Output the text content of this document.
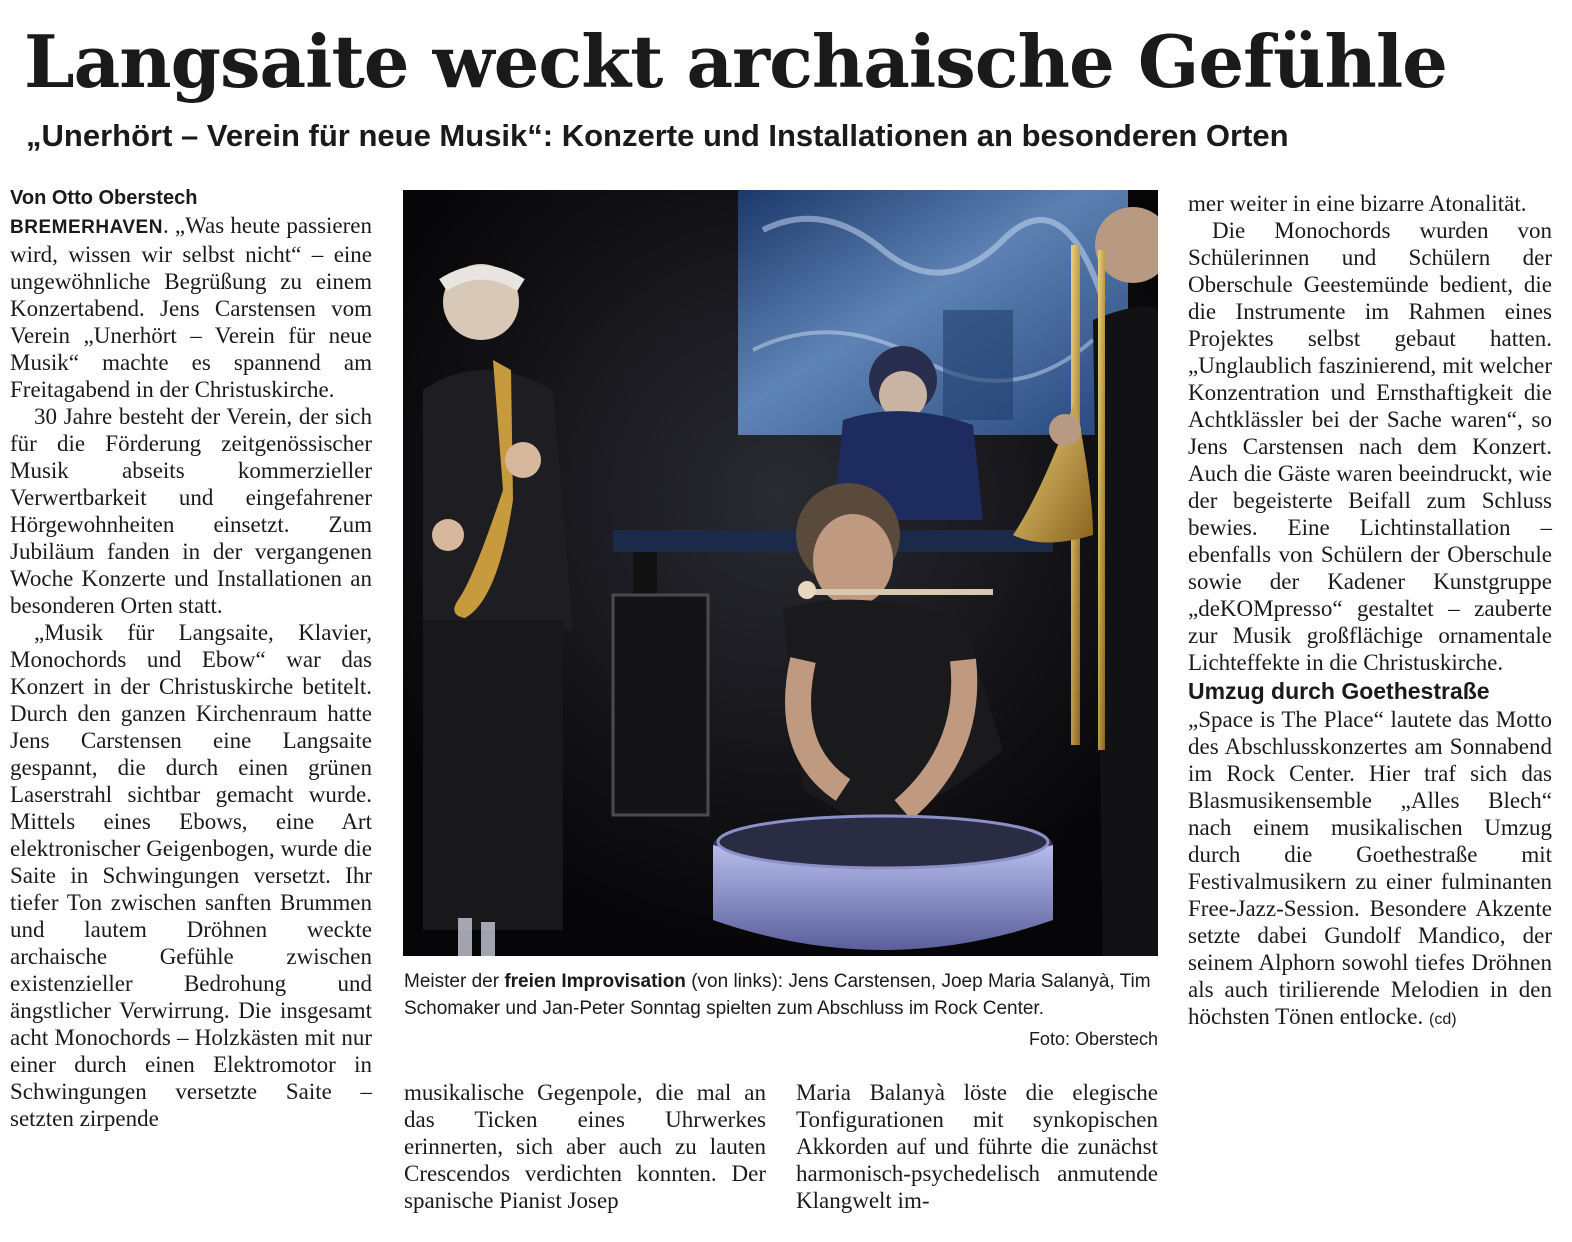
Langsaite weckt archaische Gefühle
„Unerhört – Verein für neue Musik“: Konzerte und Installationen an besonderen Orten

Von Otto Oberstech

BREMERHAVEN. „Was heute passieren wird, wissen wir selbst nicht“ – eine ungewöhnliche Begrüßung zu einem Konzertabend. Jens Carstensen vom Verein „Unerhört – Verein für neue Musik“ machte es spannend am Freitagabend in der Christuskirche.

30 Jahre besteht der Verein, der sich für die Förderung zeitgenössischer Musik abseits kommerzieller Verwertbarkeit und eingefahrener Hörgewohnheiten einsetzt. Zum Jubiläum fanden in der vergangenen Woche Konzerte und Installationen an besonderen Orten statt.

„Musik für Langsaite, Klavier, Monochords und Ebow“ war das Konzert in der Christuskirche betitelt. Durch den ganzen Kirchenraum hatte Jens Carstensen eine Langsaite gespannt, die durch einen grünen Laserstrahl sichtbar gemacht wurde. Mittels eines Ebows, eine Art elektronischer Geigenbogen, wurde die Saite in Schwingungen versetzt. Ihr tiefer Ton zwischen sanften Brummen und lautem Dröhnen weckte archaische Gefühle zwischen existenzieller Bedrohung und ängstlicher Verwirrung. Die insgesamt acht Monochords – Holzkästen mit nur einer durch einen Elektromotor in Schwingungen versetzte Saite – setzten zirpende

Meister der freien Improvisation (von links): Jens Carstensen, Joep Maria Salanyà, Tim Schomaker und Jan-Peter Sonntag spielten zum Abschluss im Rock Center.

Foto: Oberstech

musikalische Gegenpole, die mal an das Ticken eines Uhrwerkes erinnerten, sich aber auch zu lauten Crescendos verdichten konnten. Der spanische Pianist Josep

Maria Balanyà löste die elegische Tonfigurationen mit synkopischen Akkorden auf und führte die zunächst harmonisch-psychedelisch anmutende Klangwelt im-

mer weiter in eine bizarre Atonalität.

Die Monochords wurden von Schülerinnen und Schülern der Oberschule Geestemünde bedient, die die Instrumente im Rahmen eines Projektes selbst gebaut hatten. „Unglaublich faszinierend, mit welcher Konzentration und Ernsthaftigkeit die Achtklässler bei der Sache waren“, so Jens Carstensen nach dem Konzert. Auch die Gäste waren beeindruckt, wie der begeisterte Beifall zum Schluss bewies. Eine Lichtinstallation – ebenfalls von Schülern der Oberschule sowie der Kadener Kunstgruppe „deKOMpresso“ gestaltet – zauberte zur Musik großflächige ornamentale Lichteffekte in die Christuskirche.

Umzug durch Goethestraße

„Space is The Place“ lautete das Motto des Abschlusskonzertes am Sonnabend im Rock Center. Hier traf sich das Blasmusikensemble „Alles Blech“ nach einem musikalischen Umzug durch die Goethestraße mit Festivalmusikern zu einer fulminanten Free-Jazz-Session. Besondere Akzente setzte dabei Gundolf Mandico, der seinem Alphorn sowohl tiefes Dröhnen als auch tirilierende Melodien in den höchsten Tönen entlocke. (cd)
